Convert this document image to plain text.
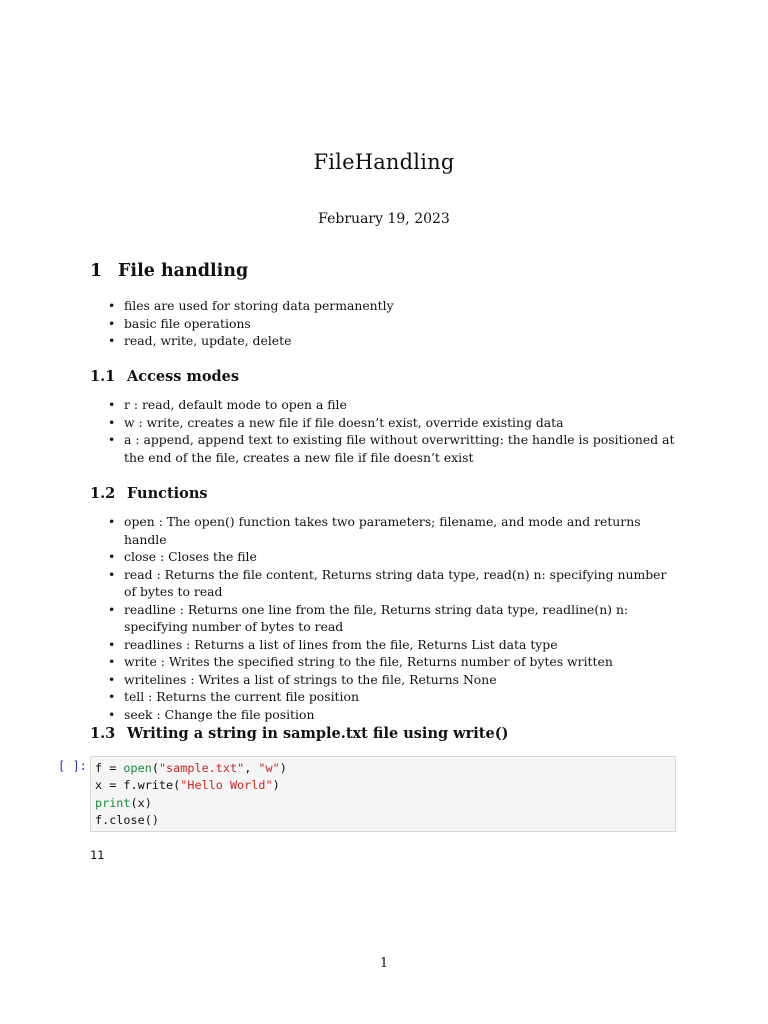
FileHandling
February 19, 2023
1 File handling
• files are used for storing data permanently
• basic file operations
• read, write, update, delete
1.1 Access modes
• r : read, default mode to open a file
• w : write, creates a new file if file doesn’t exist, override existing data
• a : append, append text to existing file without overwritting: the handle is positioned at the end of the file, creates a new file if file doesn’t exist
1.2 Functions
• open : The open() function takes two parameters; filename, and mode and returns handle
• close : Closes the file
• read : Returns the file content, Returns string data type, read(n) n: specifying number of bytes to read
• readline : Returns one line from the file, Returns string data type, readline(n) n: specifying number of bytes to read
• readlines : Returns a list of lines from the file, Returns List data type
• write : Writes the specified string to the file, Returns number of bytes written
• writelines : Writes a list of strings to the file, Returns None
• tell : Returns the current file position
• seek : Change the file position
1.3 Writing a string in sample.txt file using write()
[ ]: f = open("sample.txt", "w")
x = f.write("Hello World")
print(x)
f.close()
11
1
